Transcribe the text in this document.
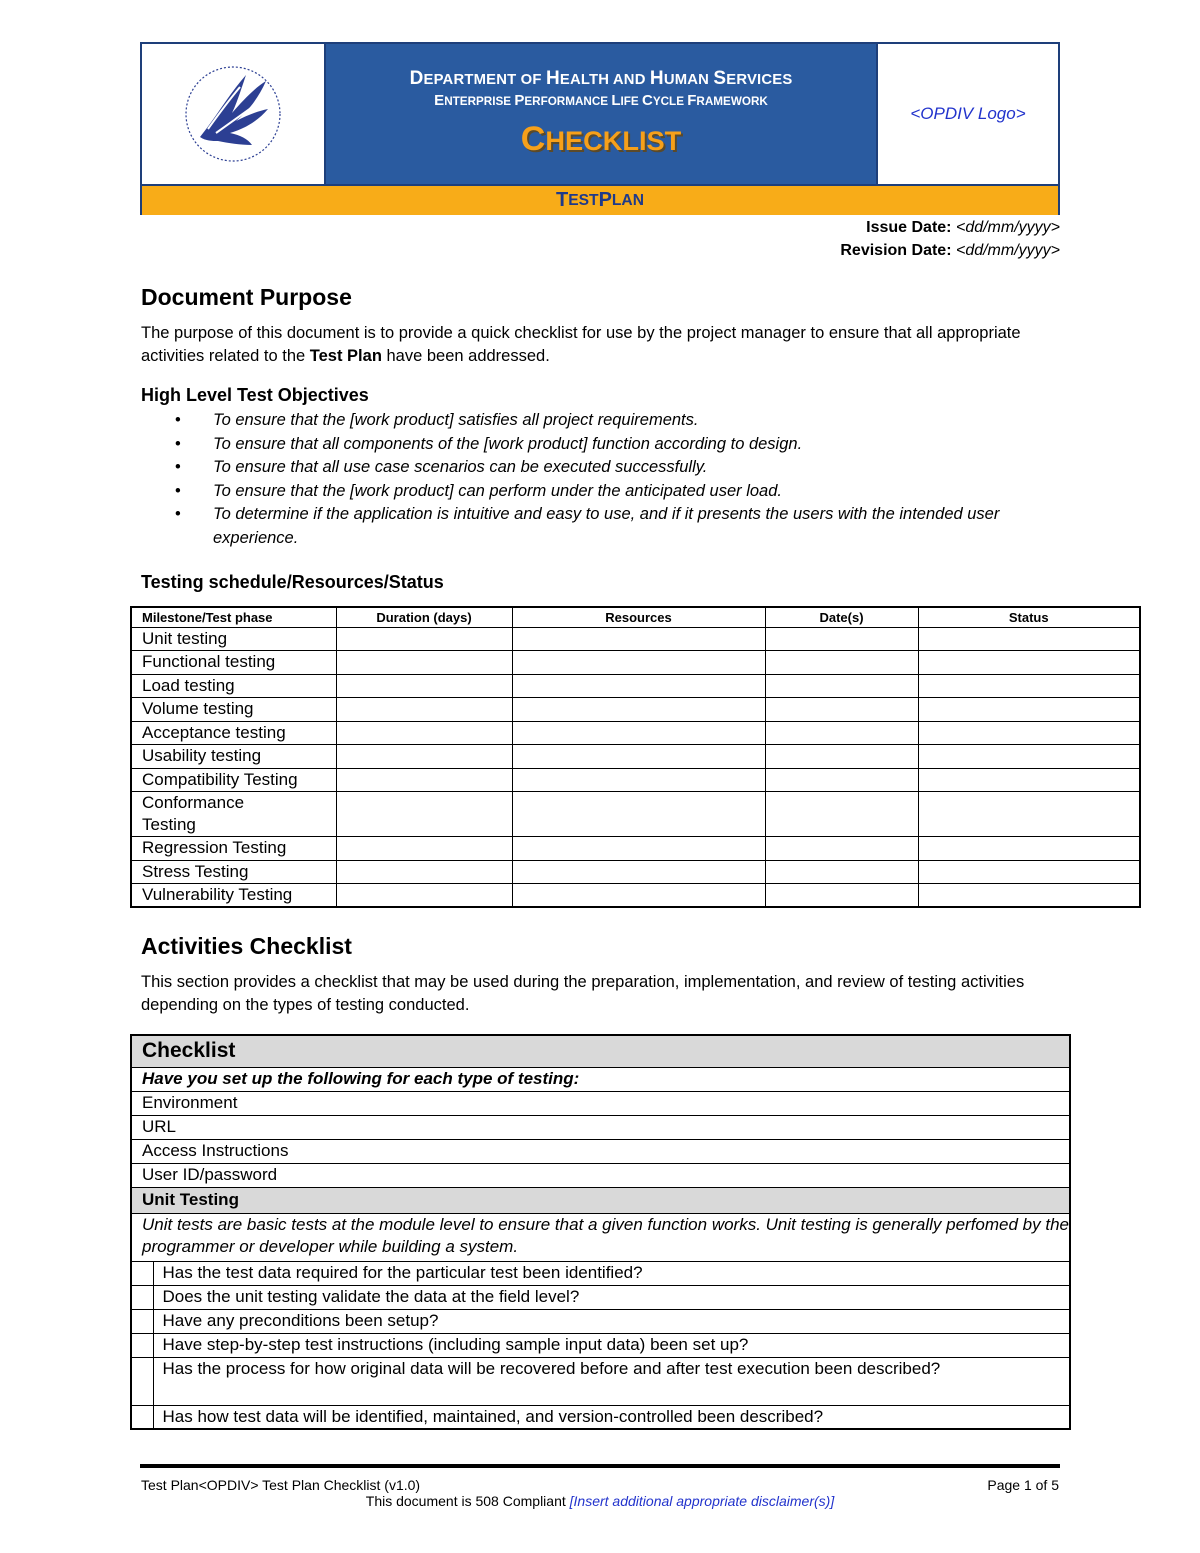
DEPARTMENT OF HEALTH AND HUMAN SERVICES
ENTERPRISE PERFORMANCE LIFE CYCLE FRAMEWORK
CHECKLIST
<OPDIV Logo>
T EST P LAN
Issue Date: <dd/mm/yyyy>
Revision Date: <dd/mm/yyyy>
Document Purpose

The purpose of this document is to provide a quick checklist for use by the project manager to ensure that all appropriate activities related to the Test Plan have been addressed.

High Level Test Objectives
• To ensure that the [work product] satisfies all project requirements.
• To ensure that all components of the [work product] function according to design.
• To ensure that all use case scenarios can be executed successfully.
• To ensure that the [work product] can perform under the anticipated user load.
• To determine if the application is intuitive and easy to use, and if it presents the users with the intended user experience.
Testing schedule/Resources/Status
Milestone/Test phase	Duration (days)	Resources	Date(s)	Status
Unit testing				
Functional testing				
Load testing				
Volume testing				
Acceptance testing				
Usability testing				
Compatibility Testing				
Conformance Testing				
Regression Testing				
Stress Testing				
Vulnerability Testing				
Activities Checklist

This section provides a checklist that may be used during the preparation, implementation, and review of testing activities depending on the types of testing conducted.

Checklist	
Have you set up the following for each type of testing:	
Environment	
URL	
Access Instructions	
User ID/password	
Unit Testing	
Unit tests are basic tests at the module level to ensure that a given function works. Unit testing is generally perfomed by the programmer or developer while building a system.	
	Has the test data required for the particular test been identified?
	Does the unit testing validate the data at the field level?
	Have any preconditions been setup?
	Have step-by-step test instructions (including sample input data) been set up?
	Has the process for how original data will be recovered before and after test execution been described?
	Has how test data will be identified, maintained, and version-controlled been described?
Test Plan<OPDIV> Test Plan Checklist (v1.0)	Page 1 of 5
This document is 508 Compliant [Insert additional appropriate disclaimer(s)]
